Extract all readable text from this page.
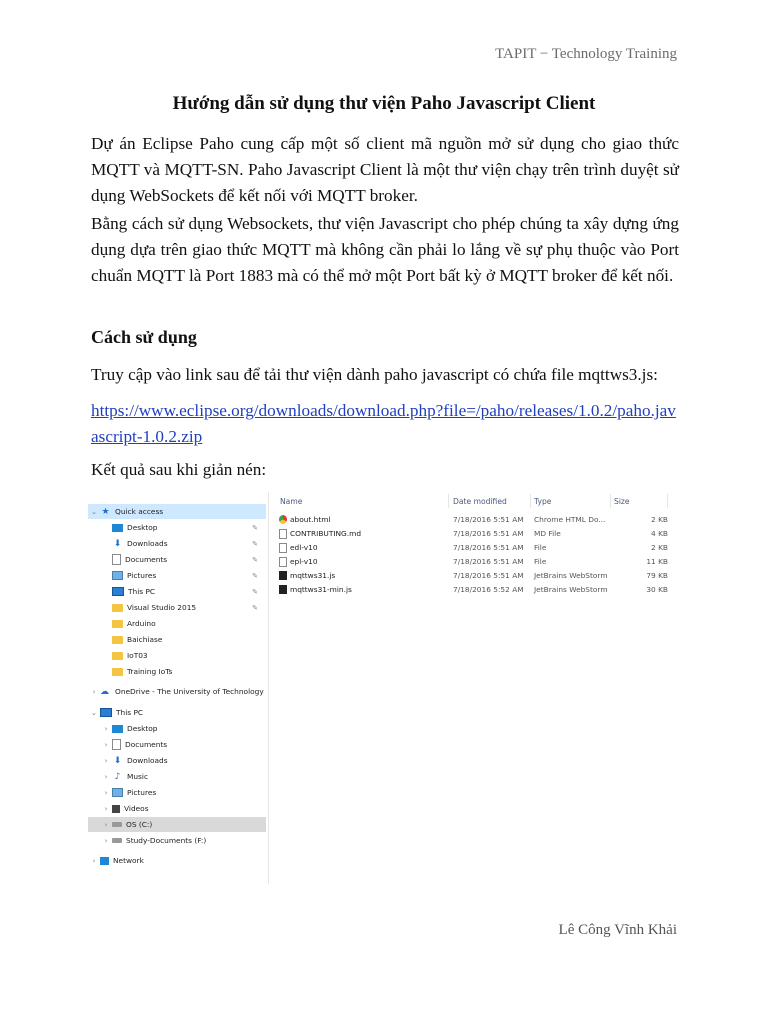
TAPIT − Technology Training
Hướng dẫn sử dụng thư viện Paho Javascript Client
Dự án Eclipse Paho cung cấp một số client mã nguồn mở sử dụng cho giao thức MQTT và MQTT-SN. Paho Javascript Client là một thư viện chạy trên trình duyệt sử dụng WebSockets để kết nối với MQTT broker.
Bằng cách sử dụng Websockets, thư viện Javascript cho phép chúng ta xây dựng ứng dụng dựa trên giao thức MQTT mà không cần phải lo lắng về sự phụ thuộc vào Port chuẩn MQTT là Port 1883 mà có thể mở một Port bất kỳ ở MQTT broker để kết nối.
Cách sử dụng
Truy cập vào link sau để tải thư viện dành paho javascript có chứa file mqttws3.js:
https://www.eclipse.org/downloads/download.php?file=/paho/releases/1.0.2/paho.javascript-1.0.2.zip
Kết quả sau khi giản nén:
⌄ ★ Quick access
Desktop	✎
⬇ Downloads	✎
Documents	✎
Pictures	✎
This PC	✎
Visual Studio 2015	✎
Arduino
Baichiase
IoT03
Training IoTs
› ☁ OneDrive - The University of Technology
⌄	This PC
›	Desktop
›	Documents
› ⬇ Downloads
› ♪ Music
›	Pictures
›	Videos
›	OS (C:)
›	Study-Documents (F:)
›	Network
Name	Date modified	Type	Size
about.html	7/18/2016 5:51 AM Chrome HTML Do...	2 KB
CONTRIBUTING.md	7/18/2016 5:51 AM MD File	4 KB
edl-v10	7/18/2016 5:51 AM File	2 KB
epl-v10	7/18/2016 5:51 AM File	11 KB
mqttws31.js	7/18/2016 5:51 AM JetBrains WebStorm	79 KB
mqttws31-min.js	7/18/2016 5:52 AM JetBrains WebStorm	30 KB
Lê Công Vĩnh Khải
